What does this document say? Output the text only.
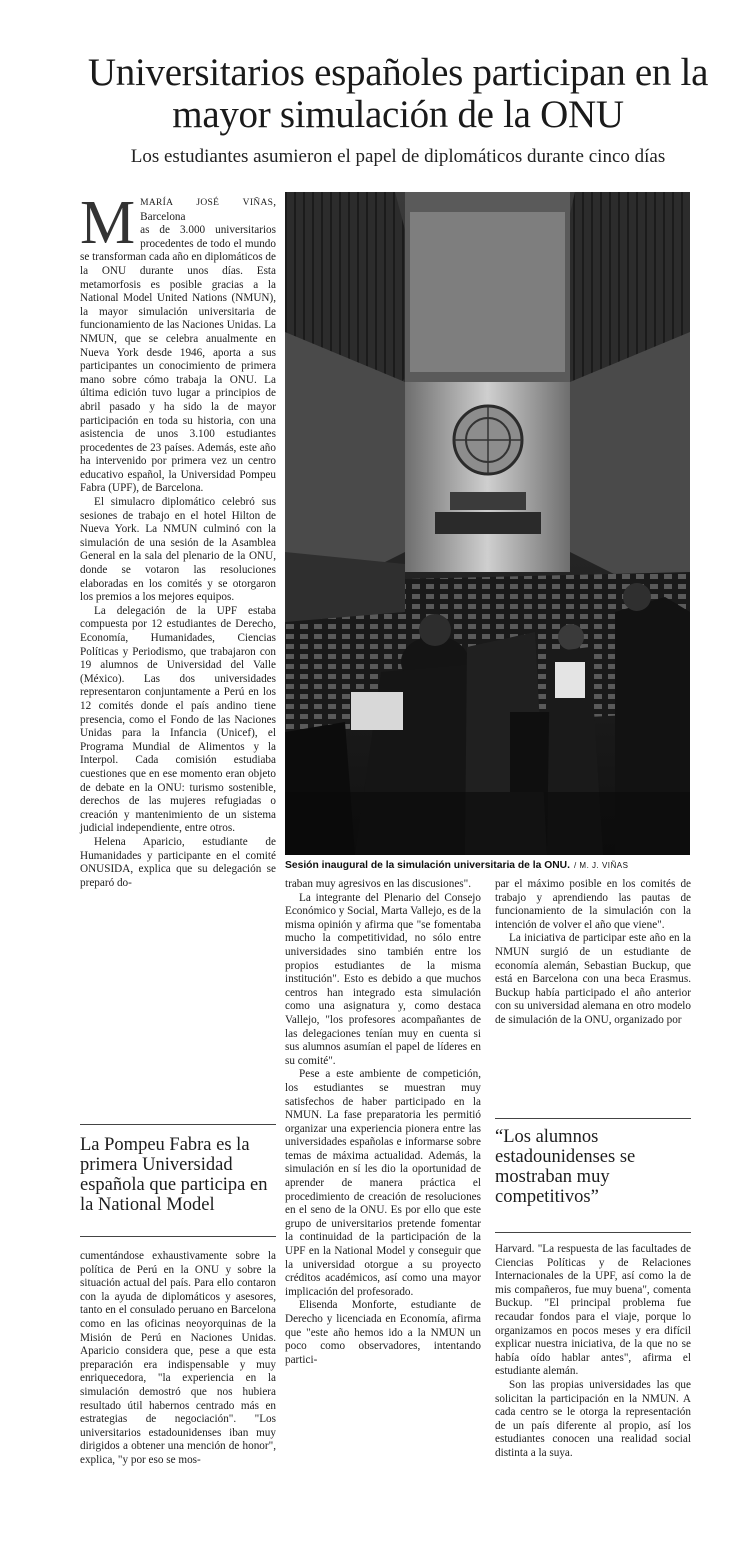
Universitarios españoles participan en la mayor simulación de la ONU
Los estudiantes asumieron el papel de diplomáticos durante cinco días
M MARÍA JOSÉ VIÑAS, Barcelona
as de 3.000 universitarios procedentes de todo el mundo se transforman cada año en diplomáticos de la ONU durante unos días. Esta metamorfosis es posible gracias a la National Model United Nations (NMUN), la mayor simulación universitaria de funcionamiento de las Naciones Unidas. La NMUN, que se celebra anualmente en Nueva York desde 1946, aporta a sus participantes un conocimiento de primera mano sobre cómo trabaja la ONU. La última edición tuvo lugar a principios de abril pasado y ha sido la de mayor participación en toda su historia, con una asistencia de unos 3.100 estudiantes procedentes de 23 países. Además, este año ha intervenido por primera vez un centro educativo español, la Universidad Pompeu Fabra (UPF), de Barcelona.

El simulacro diplomático celebró sus sesiones de trabajo en el hotel Hilton de Nueva York. La NMUN culminó con la simulación de una sesión de la Asamblea General en la sala del plenario de la ONU, donde se votaron las resoluciones elaboradas en los comités y se otorgaron los premios a los mejores equipos.

La delegación de la UPF estaba compuesta por 12 estudiantes de Derecho, Economía, Humanidades, Ciencias Políticas y Periodismo, que trabajaron con 19 alumnos de Universidad del Valle (México). Las dos universidades representaron conjuntamente a Perú en los 12 comités donde el país andino tiene presencia, como el Fondo de las Naciones Unidas para la Infancia (Unicef), el Programa Mundial de Alimentos y la Interpol. Cada comisión estudiaba cuestiones que en ese momento eran objeto de debate en la ONU: turismo sostenible, derechos de las mujeres refugiadas o creación y mantenimiento de un sistema judicial independiente, entre otros.

Helena Aparicio, estudiante de Humanidades y participante en el comité ONUSIDA, explica que su delegación se preparó do-

La Pompeu Fabra es la primera Universidad española que participa en la National Model

cumentándose exhaustivamente sobre la política de Perú en la ONU y sobre la situación actual del país. Para ello contaron con la ayuda de diplomáticos y asesores, tanto en el consulado peruano en Barcelona como en las oficinas neoyorquinas de la Misión de Perú en Naciones Unidas. Aparicio considera que, pese a que esta preparación era indispensable y muy enriquecedora, "la experiencia en la simulación demostró que nos hubiera resultado útil habernos centrado más en estrategias de negociación". "Los universitarios estadounidenses iban muy dirigidos a obtener una mención de honor", explica, "y por eso se mos-

Sesión inaugural de la simulación universitaria de la ONU. / M. J. VIÑAS

traban muy agresivos en las discusiones".

La integrante del Plenario del Consejo Económico y Social, Marta Vallejo, es de la misma opinión y afirma que "se fomentaba mucho la competitividad, no sólo entre universidades sino también entre los propios estudiantes de la misma institución". Esto es debido a que muchos centros han integrado esta simulación como una asignatura y, como destaca Vallejo, "los profesores acompañantes de las delegaciones tenían muy en cuenta si sus alumnos asumían el papel de líderes en su comité".

Pese a este ambiente de competición, los estudiantes se muestran muy satisfechos de haber participado en la NMUN. La fase preparatoria les permitió organizar una experiencia pionera entre las universidades españolas e informarse sobre temas de máxima actualidad. Además, la simulación en sí les dio la oportunidad de aprender de manera práctica el procedimiento de creación de resoluciones en el seno de la ONU. Es por ello que este grupo de universitarios pretende fomentar la continuidad de la participación de la UPF en la National Model y conseguir que la universidad otorgue a su proyecto créditos académicos, así como una mayor implicación del profesorado.

Elisenda Monforte, estudiante de Derecho y licenciada en Economía, afirma que "este año hemos ido a la NMUN un poco como observadores, intentando partici-

par el máximo posible en los comités de trabajo y aprendiendo las pautas de funcionamiento de la simulación con la intención de volver el año que viene".

La iniciativa de participar este año en la NMUN surgió de un estudiante de economía alemán, Sebastian Buckup, que está en Barcelona con una beca Erasmus. Buckup había participado el año anterior con su universidad alemana en otro modelo de simulación de la ONU, organizado por

“Los alumnos estadounidenses se mostraban muy competitivos”

Harvard. "La respuesta de las facultades de Ciencias Políticas y de Relaciones Internacionales de la UPF, así como la de mis compañeros, fue muy buena", comenta Buckup. "El principal problema fue recaudar fondos para el viaje, porque lo organizamos en pocos meses y era difícil explicar nuestra iniciativa, de la que no se había oído hablar antes", afirma el estudiante alemán.

Son las propias universidades las que solicitan la participación en la NMUN. A cada centro se le otorga la representación de un país diferente al propio, así los estudiantes conocen una realidad social distinta a la suya.
